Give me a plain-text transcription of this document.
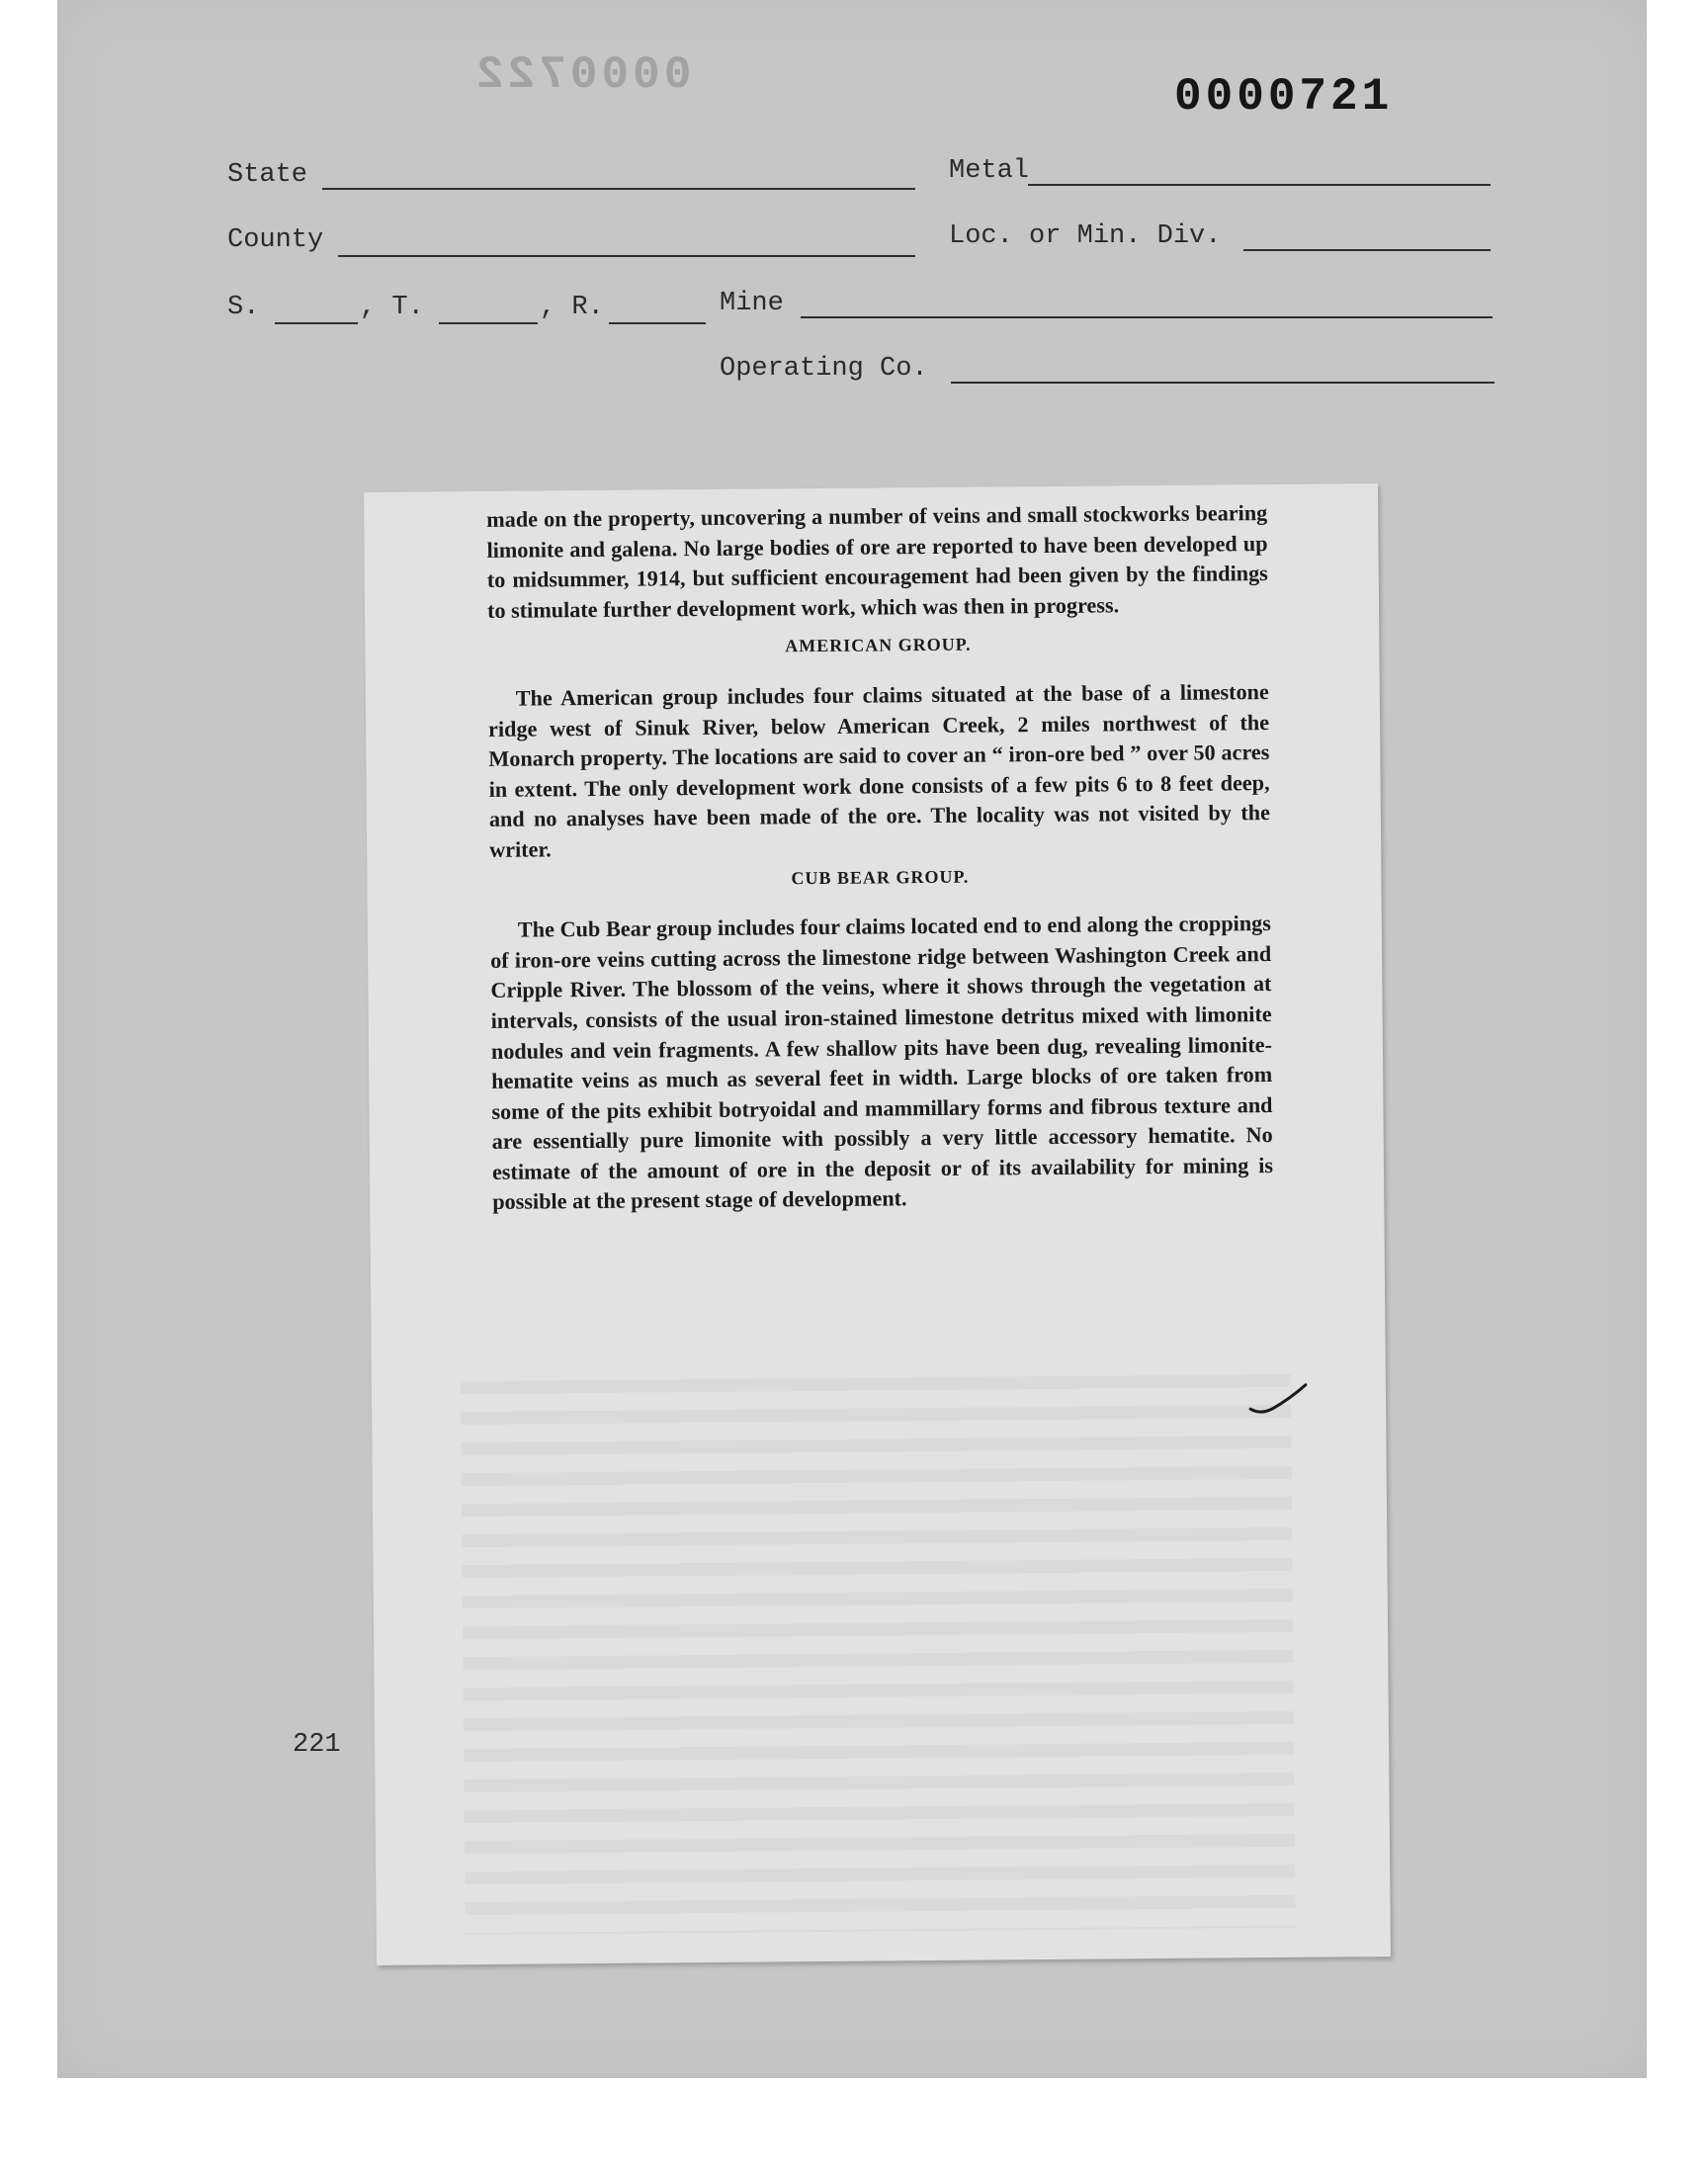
0000722	0000721
State	Metal
County	Loc. or Min. Div.
S.	, T.	, R.	Mine
Operating Co.
221

made on the property, uncovering a number of veins and small stockworks bearing limonite and galena. No large bodies of ore are reported to have been developed up to midsummer, 1914, but sufficient encouragement had been given by the findings to stimulate further development work, which was then in progress.

AMERICAN GROUP.

The American group includes four claims situated at the base of a limestone ridge west of Sinuk River, below American Creek, 2 miles northwest of the Monarch property. The locations are said to cover an “ iron-ore bed ” over 50 acres in extent. The only development work done consists of a few pits 6 to 8 feet deep, and no analyses have been made of the ore. The locality was not visited by the writer.

CUB BEAR GROUP.

The Cub Bear group includes four claims located end to end along the croppings of iron-ore veins cutting across the limestone ridge between Washington Creek and Cripple River. The blossom of the veins, where it shows through the vegetation at intervals, consists of the usual iron-stained limestone detritus mixed with limonite nodules and vein fragments. A few shallow pits have been dug, revealing limonite-hematite veins as much as several feet in width. Large blocks of ore taken from some of the pits exhibit botryoidal and mammillary forms and fibrous texture and are essentially pure limonite with possibly a very little accessory hematite. No estimate of the amount of ore in the deposit or of its availability for mining is possible at the present stage of development.
